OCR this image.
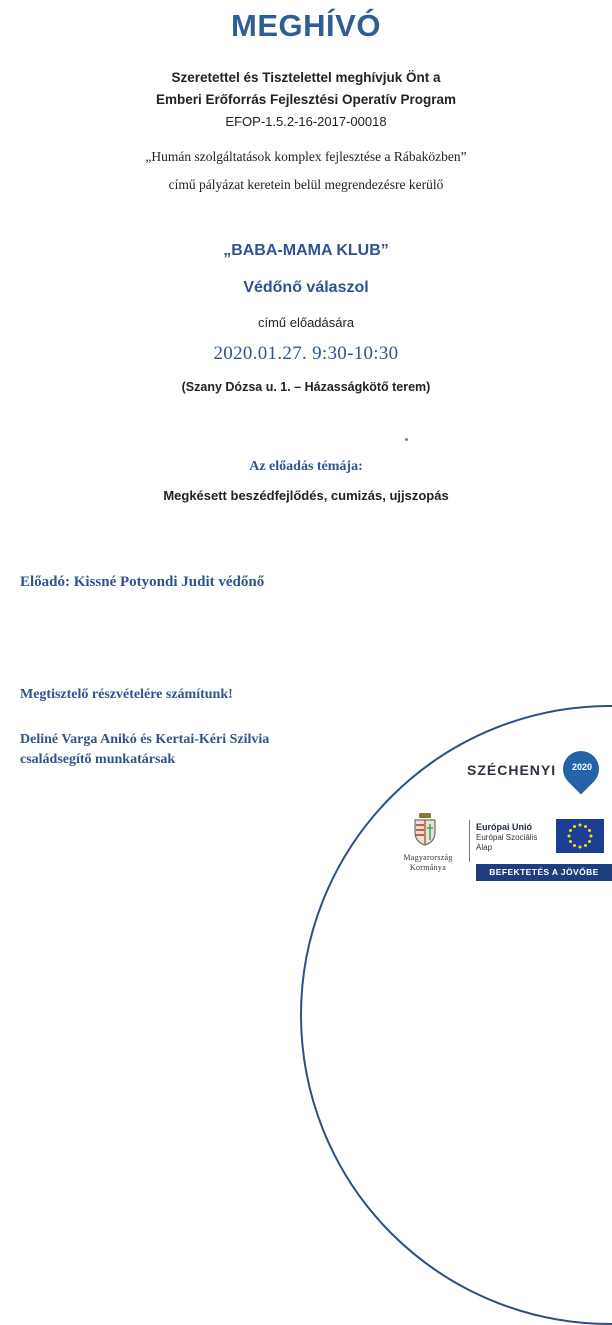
MEGHÍVÓ
Szeretettel és Tisztelettel meghívjuk Önt a
Emberi Erőforrás Fejlesztési Operatív Program
EFOP-1.5.2-16-2017-00018
„Humán szolgáltatások komplex fejlesztése a Rábaközben”
című pályázat keretein belül megrendezésre kerülő
„BABA-MAMA KLUB”
Védőnő válaszol
című előadására
2020.01.27. 9:30-10:30
(Szany Dózsa u. 1. – Házasságkötő terem)
Az előadás témája:
Megkésett beszédfejlődés, cumizás, ujjszopás
Előadó: Kissné Potyondi Judit védőnő
Megtisztelő részvételére számítunk!
Deliné Varga Anikó és Kertai-Kéri Szilvia
családsegítő munkatársak
SZÉCHENYI	2020
Magyarország
Kormánya
Európai Unió
Európai Szociális
Alap
BEFEKTETÉS A JÖVŐBE
